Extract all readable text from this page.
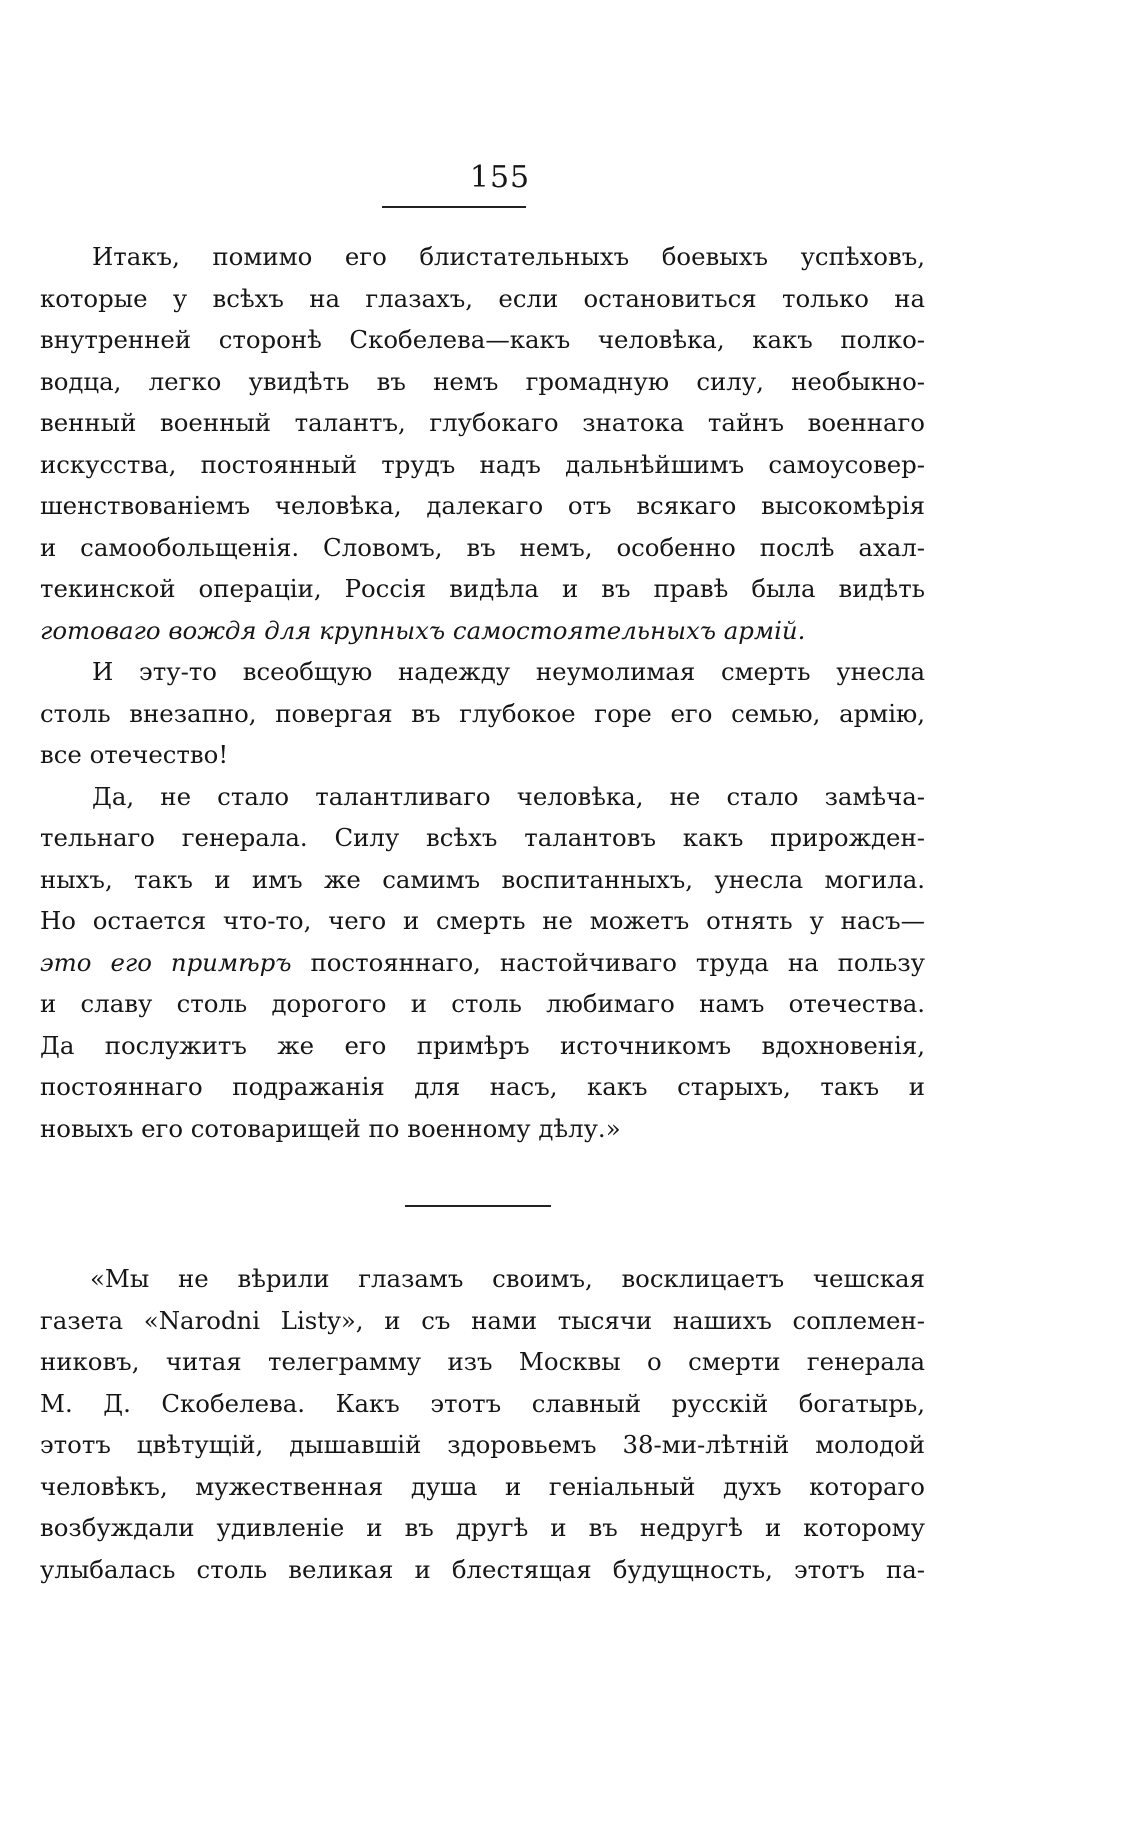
155
Итакъ, помимо его блистательныхъ боевыхъ успѣховъ,
которые у всѣхъ на глазахъ, если остановиться только на
внутренней сторонѣ Скобелева—какъ человѣка, какъ полко-
водца, легко увидѣть въ немъ громадную силу, необыкно-
венный военный талантъ, глубокаго знатока тайнъ военнаго
искусства, постоянный трудъ надъ дальнѣйшимъ самоусовер-
шенствованіемъ человѣка, далекаго отъ всякаго высокомѣрія
и самообольщенія. Словомъ, въ немъ, особенно послѣ ахал-
текинской операціи, Россія видѣла и въ правѣ была видѣть
готоваго вождя для крупныхъ самостоятельныхъ армій.
И эту-то всеобщую надежду неумолимая смерть унесла
столь внезапно, повергая въ глубокое горе его семью, армію,
все отечество!
Да, не стало талантливаго человѣка, не стало замѣча-
тельнаго генерала. Силу всѣхъ талантовъ какъ прирожден-
ныхъ, такъ и имъ же самимъ воспитанныхъ, унесла могила.
Но остается что-то, чего и смерть не можетъ отнять у насъ—
это его примѣръ постояннаго, настойчиваго труда на пользу
и славу столь дорогого и столь любимаго намъ отечества.
Да послужитъ же его примѣръ источникомъ вдохновенія,
постояннаго подражанія для насъ, какъ старыхъ, такъ и
новыхъ его сотоварищей по военному дѣлу.»
«Мы не вѣрили глазамъ своимъ, восклицаетъ чешская
газета «Narodni Listy», и съ нами тысячи нашихъ соплемен-
никовъ, читая телеграмму изъ Москвы о смерти генерала
М. Д. Скобелева. Какъ этотъ славный русскій богатырь,
этотъ цвѣтущій, дышавшій здоровьемъ 38-ми-лѣтній молодой
человѣкъ, мужественная душа и геніальный духъ котораго
возбуждали удивленіе и въ другѣ и въ недругѣ и которому
улыбалась столь великая и блестящая будущность, этотъ па-
